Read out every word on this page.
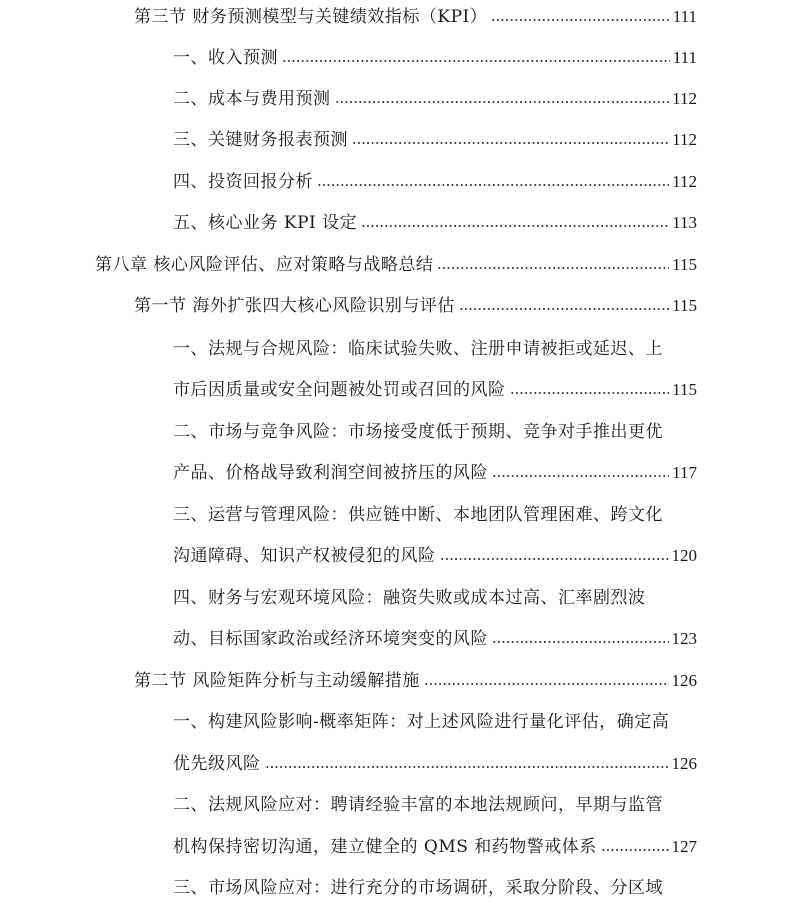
第三节 财务预测模型与关键绩效指标（KPI）	111
一、收入预测	111
二、成本与费用预测	112
三、关键财务报表预测	112
四、投资回报分析	112
五、核心业务 KPI 设定	113
第八章 核心风险评估、应对策略与战略总结	115
第一节 海外扩张四大核心风险识别与评估	115
一、法规与合规风险：临床试验失败、注册申请被拒或延迟、上
市后因质量或安全问题被处罚或召回的风险	115
二、市场与竞争风险：市场接受度低于预期、竞争对手推出更优
产品、价格战导致利润空间被挤压的风险	117
三、运营与管理风险：供应链中断、本地团队管理困难、跨文化
沟通障碍、知识产权被侵犯的风险	120
四、财务与宏观环境风险：融资失败或成本过高、汇率剧烈波
动、目标国家政治或经济环境突变的风险	123
第二节 风险矩阵分析与主动缓解措施	126
一、构建风险影响-概率矩阵：对上述风险进行量化评估，确定高
优先级风险	126
二、法规风险应对：聘请经验丰富的本地法规顾问，早期与监管
机构保持密切沟通，建立健全的 QMS 和药物警戒体系	127
三、市场风险应对：进行充分的市场调研，采取分阶段、分区域
